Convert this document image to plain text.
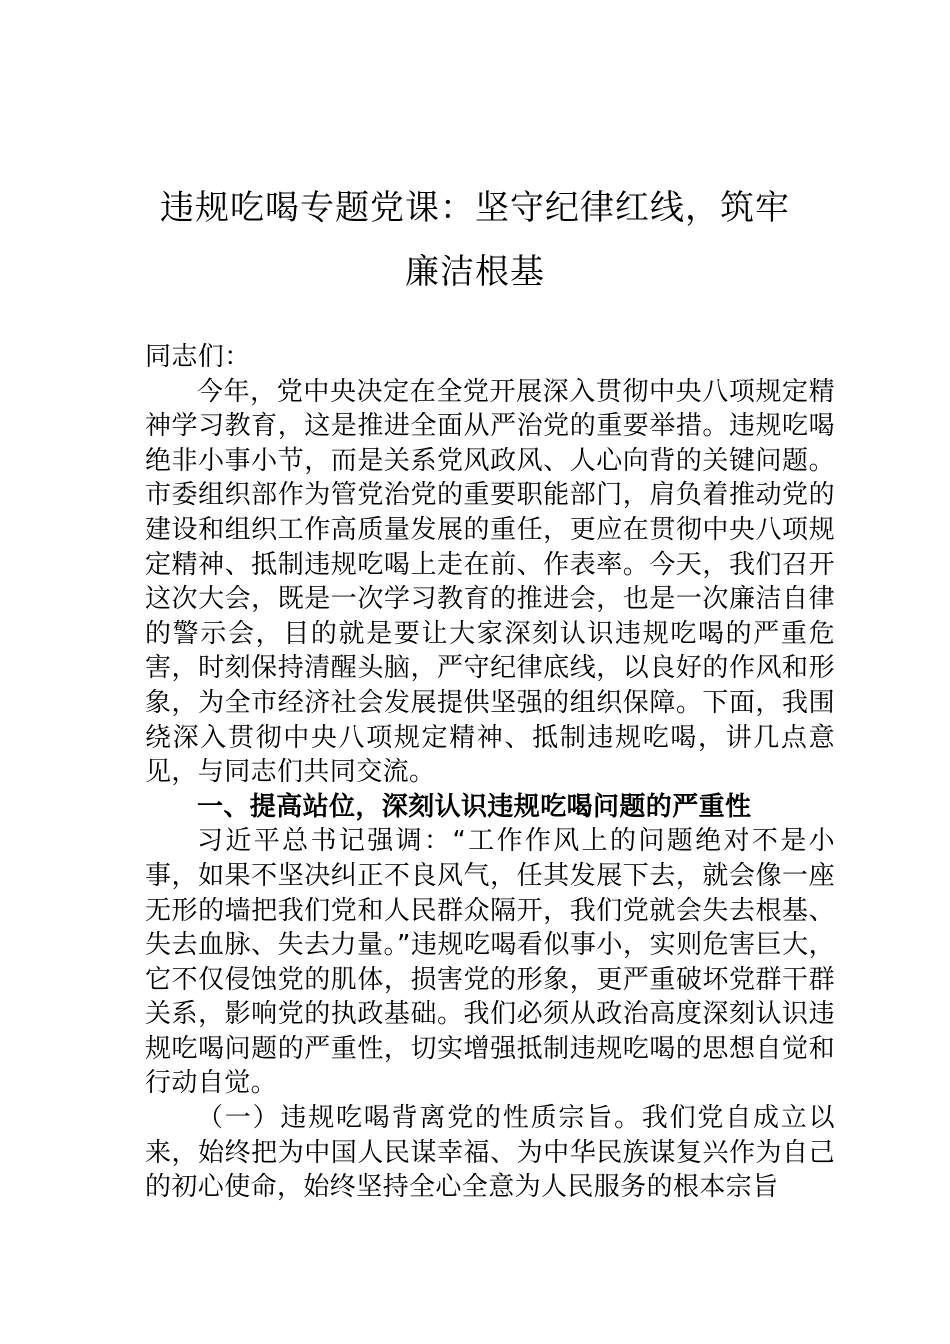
违规吃喝专题党课：坚守纪律红线，筑牢
廉洁根基

同志们：

今年，党中央决定在全党开展深入贯彻中央八项规定精神学习教育，这是推进全面从严治党的重要举措。违规吃喝绝非小事小节，而是关系党风政风、人心向背的关键问题。市委组织部作为管党治党的重要职能部门，肩负着推动党的建设和组织工作高质量发展的重任，更应在贯彻中央八项规定精神、抵制违规吃喝上走在前、作表率。今天，我们召开这次大会，既是一次学习教育的推进会，也是一次廉洁自律的警示会，目的就是要让大家深刻认识违规吃喝的严重危害，时刻保持清醒头脑，严守纪律底线，以良好的作风和形象，为全市经济社会发展提供坚强的组织保障。下面，我围绕深入贯彻中央八项规定精神、抵制违规吃喝，讲几点意见，与同志们共同交流。

一、提高站位，深刻认识违规吃喝问题的严重性

习近平总书记强调：“工作作风上的问题绝对不是小事，如果不坚决纠正不良风气，任其发展下去，就会像一座无形的墙把我们党和人民群众隔开，我们党就会失去根基、失去血脉、失去力量。”违规吃喝看似事小，实则危害巨大，它不仅侵蚀党的肌体，损害党的形象，更严重破坏党群干群关系，影响党的执政基础。我们必须从政治高度深刻认识违规吃喝问题的严重性，切实增强抵制违规吃喝的思想自觉和行动自觉。

（一）违规吃喝背离党的性质宗旨。我们党自成立以来，始终把为中国人民谋幸福、为中华民族谋复兴作为自己的初心使命，始终坚持全心全意为人民服务的根本宗旨
